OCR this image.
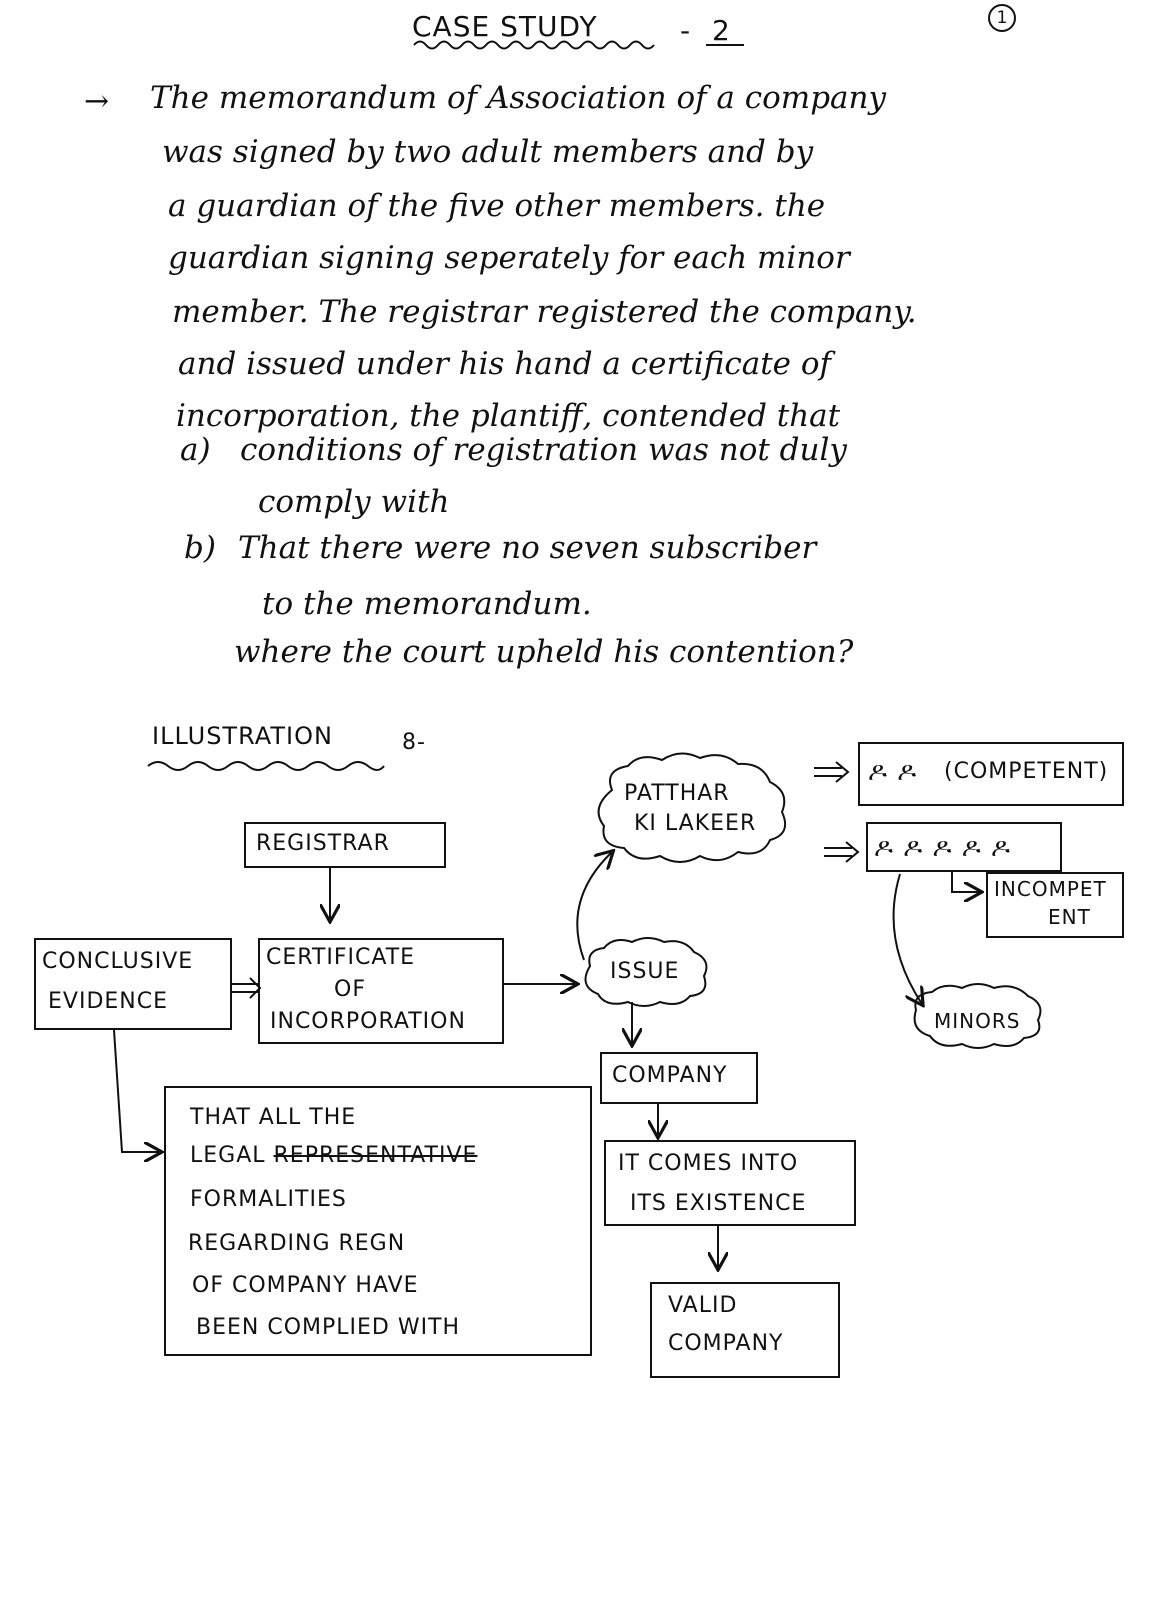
CASE STUDY	- 2	1
→ The memorandum of Association of a company
was signed by two adult members and by
a guardian of the five other members. the
guardian signing seperately for each minor
member. The registrar registered the company.
and issued under his hand a certificate of
incorporation, the plantiff, contended that
a) conditions of registration was not duly
comply with
b) That there were no seven subscriber
to the memorandum.
where the court upheld his contention?
ILLUSTRATION	8-
REGISTRAR
CONCLUSIVE
EVIDENCE
CERTIFICATE
OF
INCORPORATION
PATTHAR
KI LAKEER
ISSUE
COMPANY
IT COMES INTO
ITS EXISTENCE
VALID
COMPANY
THAT ALL THE
LEGAL REPRESENTATIVE
FORMALITIES
REGARDING REGN
OF COMPANY HAVE
BEEN COMPLIED WITH
ዶ ዶ (COMPETENT)
ዶ ዶ ዶ ዶ ዶ
INCOMPET
ENT
MINORS
